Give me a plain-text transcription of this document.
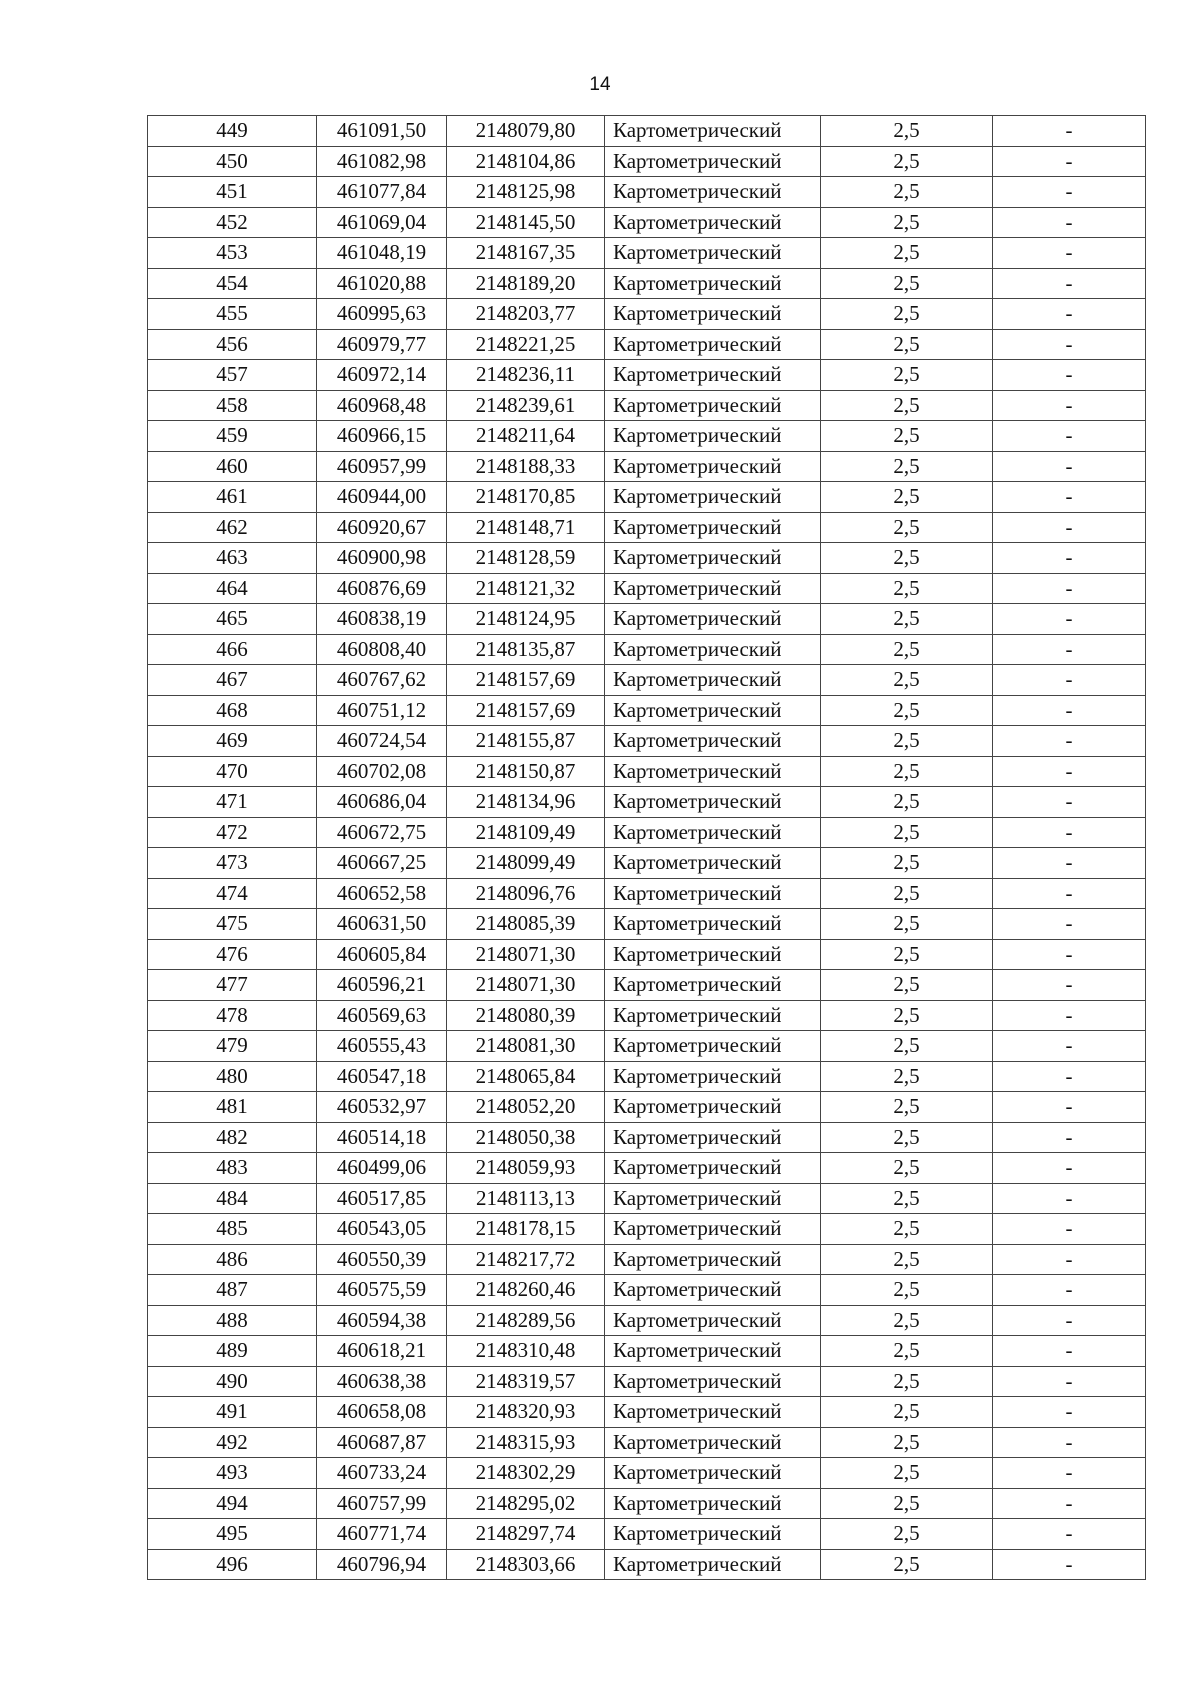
14
449	461091,50	2148079,80	Картометрический	2,5	-
450	461082,98	2148104,86	Картометрический	2,5	-
451	461077,84	2148125,98	Картометрический	2,5	-
452	461069,04	2148145,50	Картометрический	2,5	-
453	461048,19	2148167,35	Картометрический	2,5	-
454	461020,88	2148189,20	Картометрический	2,5	-
455	460995,63	2148203,77	Картометрический	2,5	-
456	460979,77	2148221,25	Картометрический	2,5	-
457	460972,14	2148236,11	Картометрический	2,5	-
458	460968,48	2148239,61	Картометрический	2,5	-
459	460966,15	2148211,64	Картометрический	2,5	-
460	460957,99	2148188,33	Картометрический	2,5	-
461	460944,00	2148170,85	Картометрический	2,5	-
462	460920,67	2148148,71	Картометрический	2,5	-
463	460900,98	2148128,59	Картометрический	2,5	-
464	460876,69	2148121,32	Картометрический	2,5	-
465	460838,19	2148124,95	Картометрический	2,5	-
466	460808,40	2148135,87	Картометрический	2,5	-
467	460767,62	2148157,69	Картометрический	2,5	-
468	460751,12	2148157,69	Картометрический	2,5	-
469	460724,54	2148155,87	Картометрический	2,5	-
470	460702,08	2148150,87	Картометрический	2,5	-
471	460686,04	2148134,96	Картометрический	2,5	-
472	460672,75	2148109,49	Картометрический	2,5	-
473	460667,25	2148099,49	Картометрический	2,5	-
474	460652,58	2148096,76	Картометрический	2,5	-
475	460631,50	2148085,39	Картометрический	2,5	-
476	460605,84	2148071,30	Картометрический	2,5	-
477	460596,21	2148071,30	Картометрический	2,5	-
478	460569,63	2148080,39	Картометрический	2,5	-
479	460555,43	2148081,30	Картометрический	2,5	-
480	460547,18	2148065,84	Картометрический	2,5	-
481	460532,97	2148052,20	Картометрический	2,5	-
482	460514,18	2148050,38	Картометрический	2,5	-
483	460499,06	2148059,93	Картометрический	2,5	-
484	460517,85	2148113,13	Картометрический	2,5	-
485	460543,05	2148178,15	Картометрический	2,5	-
486	460550,39	2148217,72	Картометрический	2,5	-
487	460575,59	2148260,46	Картометрический	2,5	-
488	460594,38	2148289,56	Картометрический	2,5	-
489	460618,21	2148310,48	Картометрический	2,5	-
490	460638,38	2148319,57	Картометрический	2,5	-
491	460658,08	2148320,93	Картометрический	2,5	-
492	460687,87	2148315,93	Картометрический	2,5	-
493	460733,24	2148302,29	Картометрический	2,5	-
494	460757,99	2148295,02	Картометрический	2,5	-
495	460771,74	2148297,74	Картометрический	2,5	-
496	460796,94	2148303,66	Картометрический	2,5	-
